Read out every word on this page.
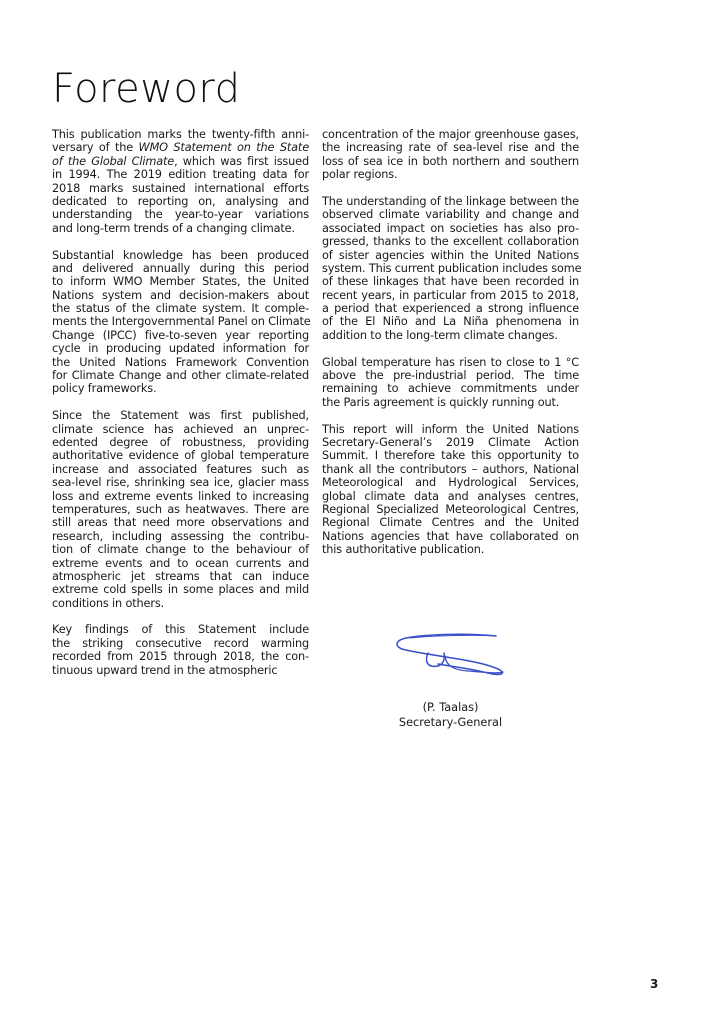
Foreword
This publication marks the twenty-fifth anni-
versary of the WMO Statement on the State
of the Global Climate, which was first issued
in 1994. The 2019 edition treating data for
2018 marks sustained international efforts
dedicated to reporting on, analysing and
understanding the year-to-year variations
and long-term trends of a changing climate.
Substantial knowledge has been produced
and delivered annually during this period
to inform WMO Member States, the United
Nations system and decision-makers about
the status of the climate system. It comple-
ments the Intergovernmental Panel on Climate
Change (IPCC) five-to-seven year reporting
cycle in producing updated information for
the United Nations Framework Convention
for Climate Change and other climate-related
policy frameworks.
Since the Statement was first published,
climate science has achieved an unprec-
edented degree of robustness, providing
authoritative evidence of global temperature
increase and associated features such as
sea-level rise, shrinking sea ice, glacier mass
loss and extreme events linked to increasing
temperatures, such as heatwaves. There are
still areas that need more observations and
research, including assessing the contribu-
tion of climate change to the behaviour of
extreme events and to ocean currents and
atmospheric jet streams that can induce
extreme cold spells in some places and mild
conditions in others.
Key findings of this Statement include
the striking consecutive record warming
recorded from 2015 through 2018, the con-
tinuous upward trend in the atmospheric
concentration of the major greenhouse gases,
the increasing rate of sea-level rise and the
loss of sea ice in both northern and southern
polar regions.
The understanding of the linkage between the
observed climate variability and change and
associated impact on societies has also pro-
gressed, thanks to the excellent collaboration
of sister agencies within the United Nations
system. This current publication includes some
of these linkages that have been recorded in
recent years, in particular from 2015 to 2018,
a period that experienced a strong influence
of the El Niño and La Niña phenomena in
addition to the long-term climate changes.
Global temperature has risen to close to 1 °C
above the pre-industrial period. The time
remaining to achieve commitments under
the Paris agreement is quickly running out.
This report will inform the United Nations
Secretary-General’s 2019 Climate Action
Summit. I therefore take this opportunity to
thank all the contributors – authors, National
Meteorological and Hydrological Services,
global climate data and analyses centres,
Regional Specialized Meteorological Centres,
Regional Climate Centres and the United
Nations agencies that have collaborated on
this authoritative publication.
(P. Taalas)
Secretary-General
3
